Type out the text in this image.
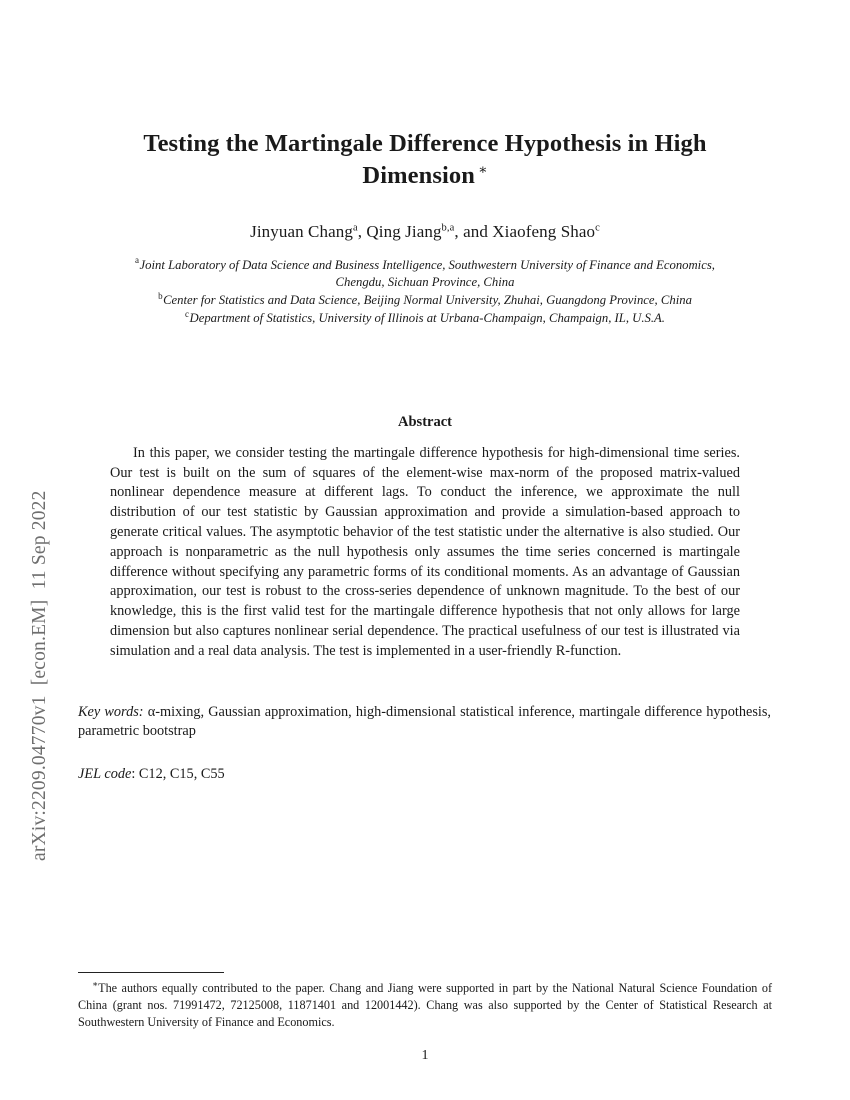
arXiv:2209.04770v1  [econ.EM]  11 Sep 2022
Testing the Martingale Difference Hypothesis in High Dimension ∗
Jinyuan Chang$^a$, Qing Jiang$^{b,a}$, and Xiaofeng Shao$^c$
$^a$Joint Laboratory of Data Science and Business Intelligence, Southwestern University of Finance and Economics,
Chengdu, Sichuan Province, China
$^b$Center for Statistics and Data Science, Beijing Normal University, Zhuhai, Guangdong Province, China
$^c$Department of Statistics, University of Illinois at Urbana-Champaign, Champaign, IL, U.S.A.
Abstract
In this paper, we consider testing the martingale difference hypothesis for high-dimensional time series. Our test is built on the sum of squares of the element-wise max-norm of the proposed matrix-valued nonlinear dependence measure at different lags. To conduct the inference, we approximate the null distribution of our test statistic by Gaussian approximation and provide a simulation-based approach to generate critical values. The asymptotic behavior of the test statistic under the alternative is also studied. Our approach is nonparametric as the null hypothesis only assumes the time series concerned is martingale difference without specifying any parametric forms of its conditional moments. As an advantage of Gaussian approximation, our test is robust to the cross-series dependence of unknown magnitude. To the best of our knowledge, this is the first valid test for the martingale difference hypothesis that not only allows for large dimension but also captures nonlinear serial dependence. The practical usefulness of our test is illustrated via simulation and a real data analysis. The test is implemented in a user-friendly R-function.
Key words: α-mixing, Gaussian approximation, high-dimensional statistical inference, martingale difference hypothesis, parametric bootstrap
JEL code: C12, C15, C55
∗The authors equally contributed to the paper. Chang and Jiang were supported in part by the National Natural Science Foundation of China (grant nos. 71991472, 72125008, 11871401 and 12001442). Chang was also supported by the Center of Statistical Research at Southwestern University of Finance and Economics.
1
